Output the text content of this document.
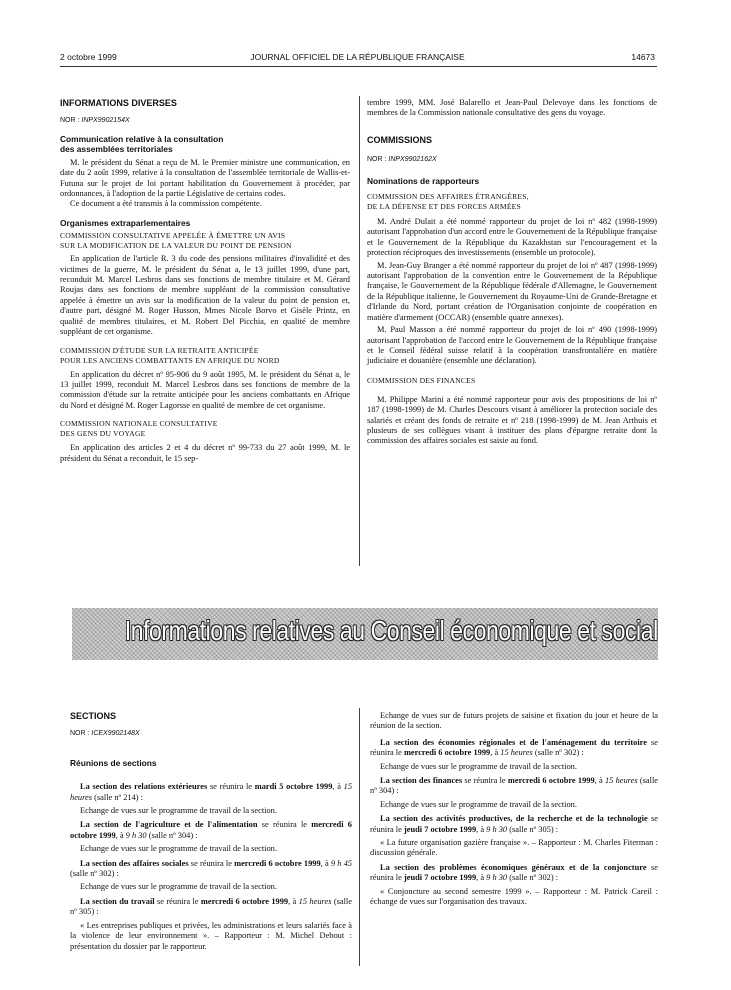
2 octobre 1999	JOURNAL OFFICIEL DE LA RÉPUBLIQUE FRANÇAISE	14673

INFORMATIONS DIVERSES

NOR : INPX9902154X

Communication relative à la consultation
des assemblées territoriales

M. le président du Sénat a reçu de M. le Premier ministre une communication, en date du 2 août 1999, relative à la consultation de l'assemblée territoriale de Wallis-et-Futuna sur le projet de loi portant habilitation du Gouvernement à procéder, par ordonnances, à l'adoption de la partie Législative de certains codes.

Ce document a été transmis à la commission compétente.

Organismes extraparlementaires

COMMISSION CONSULTATIVE APPELÉE À ÉMETTRE UN AVIS
SUR LA MODIFICATION DE LA VALEUR DU POINT DE PENSION

En application de l'article R. 3 du code des pensions militaires d'invalidité et des victimes de la guerre, M. le président du Sénat a, le 13 juillet 1999, d'une part, reconduit M. Marcel Lesbros dans ses fonctions de membre titulaire et M. Gérard Roujas dans ses fonctions de membre suppléant de la commission consultative appelée à émettre un avis sur la modification de la valeur du point de pension et, d'autre part, désigné M. Roger Husson, Mmes Nicole Borvo et Gisèle Printz, en qualité de membres titulaires, et M. Robert Del Picchia, en qualité de membre suppléant de cet organisme.

COMMISSION D'ÉTUDE SUR LA RETRAITE ANTICIPÉE
POUR LES ANCIENS COMBATTANTS EN AFRIQUE DU NORD

En application du décret nº 95-906 du 9 août 1995, M. le président du Sénat a, le 13 juillet 1999, reconduit M. Marcel Lesbros dans ses fonctions de membre de la commission d'étude sur la retraite anticipée pour les anciens combattants en Afrique du Nord et désigné M. Roger Lagorsse en qualité de membre de cet organisme.

COMMISSION NATIONALE CONSULTATIVE
DES GENS DU VOYAGE

En application des articles 2 et 4 du décret nº 99-733 du 27 août 1999, M. le président du Sénat a reconduit, le 15 sep-

tembre 1999, MM. José Balarello et Jean-Paul Delevoye dans les fonctions de membres de la Commission nationale consultative des gens du voyage.

COMMISSIONS

NOR : INPX9902162X

Nominations de rapporteurs

COMMISSION DES AFFAIRES ÉTRANGÈRES,
DE LA DÉFENSE ET DES FORCES ARMÉES

M. André Dulait a été nommé rapporteur du projet de loi nº 482 (1998-1999) autorisant l'approbation d'un accord entre le Gouvernement de la République française et le Gouvernement de la République du Kazakhstan sur l'encouragement et la protection réciproques des investissements (ensemble un protocole).

M. Jean-Guy Branger a été nommé rapporteur du projet de loi nº 487 (1998-1999) autorisant l'approbation de la convention entre le Gouvernement de la République française, le Gouvernement de la République fédérale d'Allemagne, le Gouvernement de la République italienne, le Gouvernement du Royaume-Uni de Grande-Bretagne et d'Irlande du Nord, portant création de l'Organisation conjointe de coopération en matière d'armement (OCCAR) (ensemble quatre annexes).

M. Paul Masson a été nommé rapporteur du projet de loi nº 490 (1998-1999) autorisant l'approbation de l'accord entre le Gouvernement de la République française et le Conseil fédéral suisse relatif à la coopération transfrontalière en matière judiciaire et douanière (ensemble une déclaration).

COMMISSION DES FINANCES

M. Philippe Marini a été nommé rapporteur pour avis des propositions de loi nº 187 (1998-1999) de M. Charles Descours visant à améliorer la protection sociale des salariés et créant des fonds de retraite et nº 218 (1998-1999) de M. Jean Arthuis et plusieurs de ses collègues visant à instituer des plans d'épargne retraite dont la commission des affaires sociales est saisie au fond.

Informations relatives au Conseil économique et social

SECTIONS

NOR : ICEX9902148X

Réunions de sections

La section des relations extérieures se réunira le mardi 5 octobre 1999, à 15 heures (salle nº 214) :

Echange de vues sur le programme de travail de la section.

La section de l'agriculture et de l'alimentation se réunira le mercredi 6 octobre 1999, à 9 h 30 (salle nº 304) :

Echange de vues sur le programme de travail de la section.

La section des affaires sociales se réunira le mercredi 6 octobre 1999, à 9 h 45 (salle nº 302) :

Echange de vues sur le programme de travail de la section.

La section du travail se réunira le mercredi 6 octobre 1999, à 15 heures (salle nº 305) :

« Les entreprises publiques et privées, les administrations et leurs salariés face à la violence de leur environnement ». – Rapporteur : M. Michel Debout : présentation du dossier par le rapporteur.

Echange de vues sur de futurs projets de saisine et fixation du jour et heure de la réunion de la section.

La section des économies régionales et de l'aménagement du territoire se réunira le mercredi 6 octobre 1999, à 15 heures (salle nº 302) :

Echange de vues sur le programme de travail de la section.

La section des finances se réunira le mercredi 6 octobre 1999, à 15 heures (salle nº 304) :

Echange de vues sur le programme de travail de la section.

La section des activités productives, de la recherche et de la technologie se réunira le jeudi 7 octobre 1999, à 9 h 30 (salle nº 305) :

« La future organisation gazière française ». – Rapporteur : M. Charles Fiterman : discussion générale.

La section des problèmes économiques généraux et de la conjoncture se réunira le jeudi 7 octobre 1999, à 9 h 30 (salle nº 302) :

« Conjoncture au second semestre 1999 ». – Rapporteur : M. Patrick Careil : échange de vues sur l'organisation des travaux.
